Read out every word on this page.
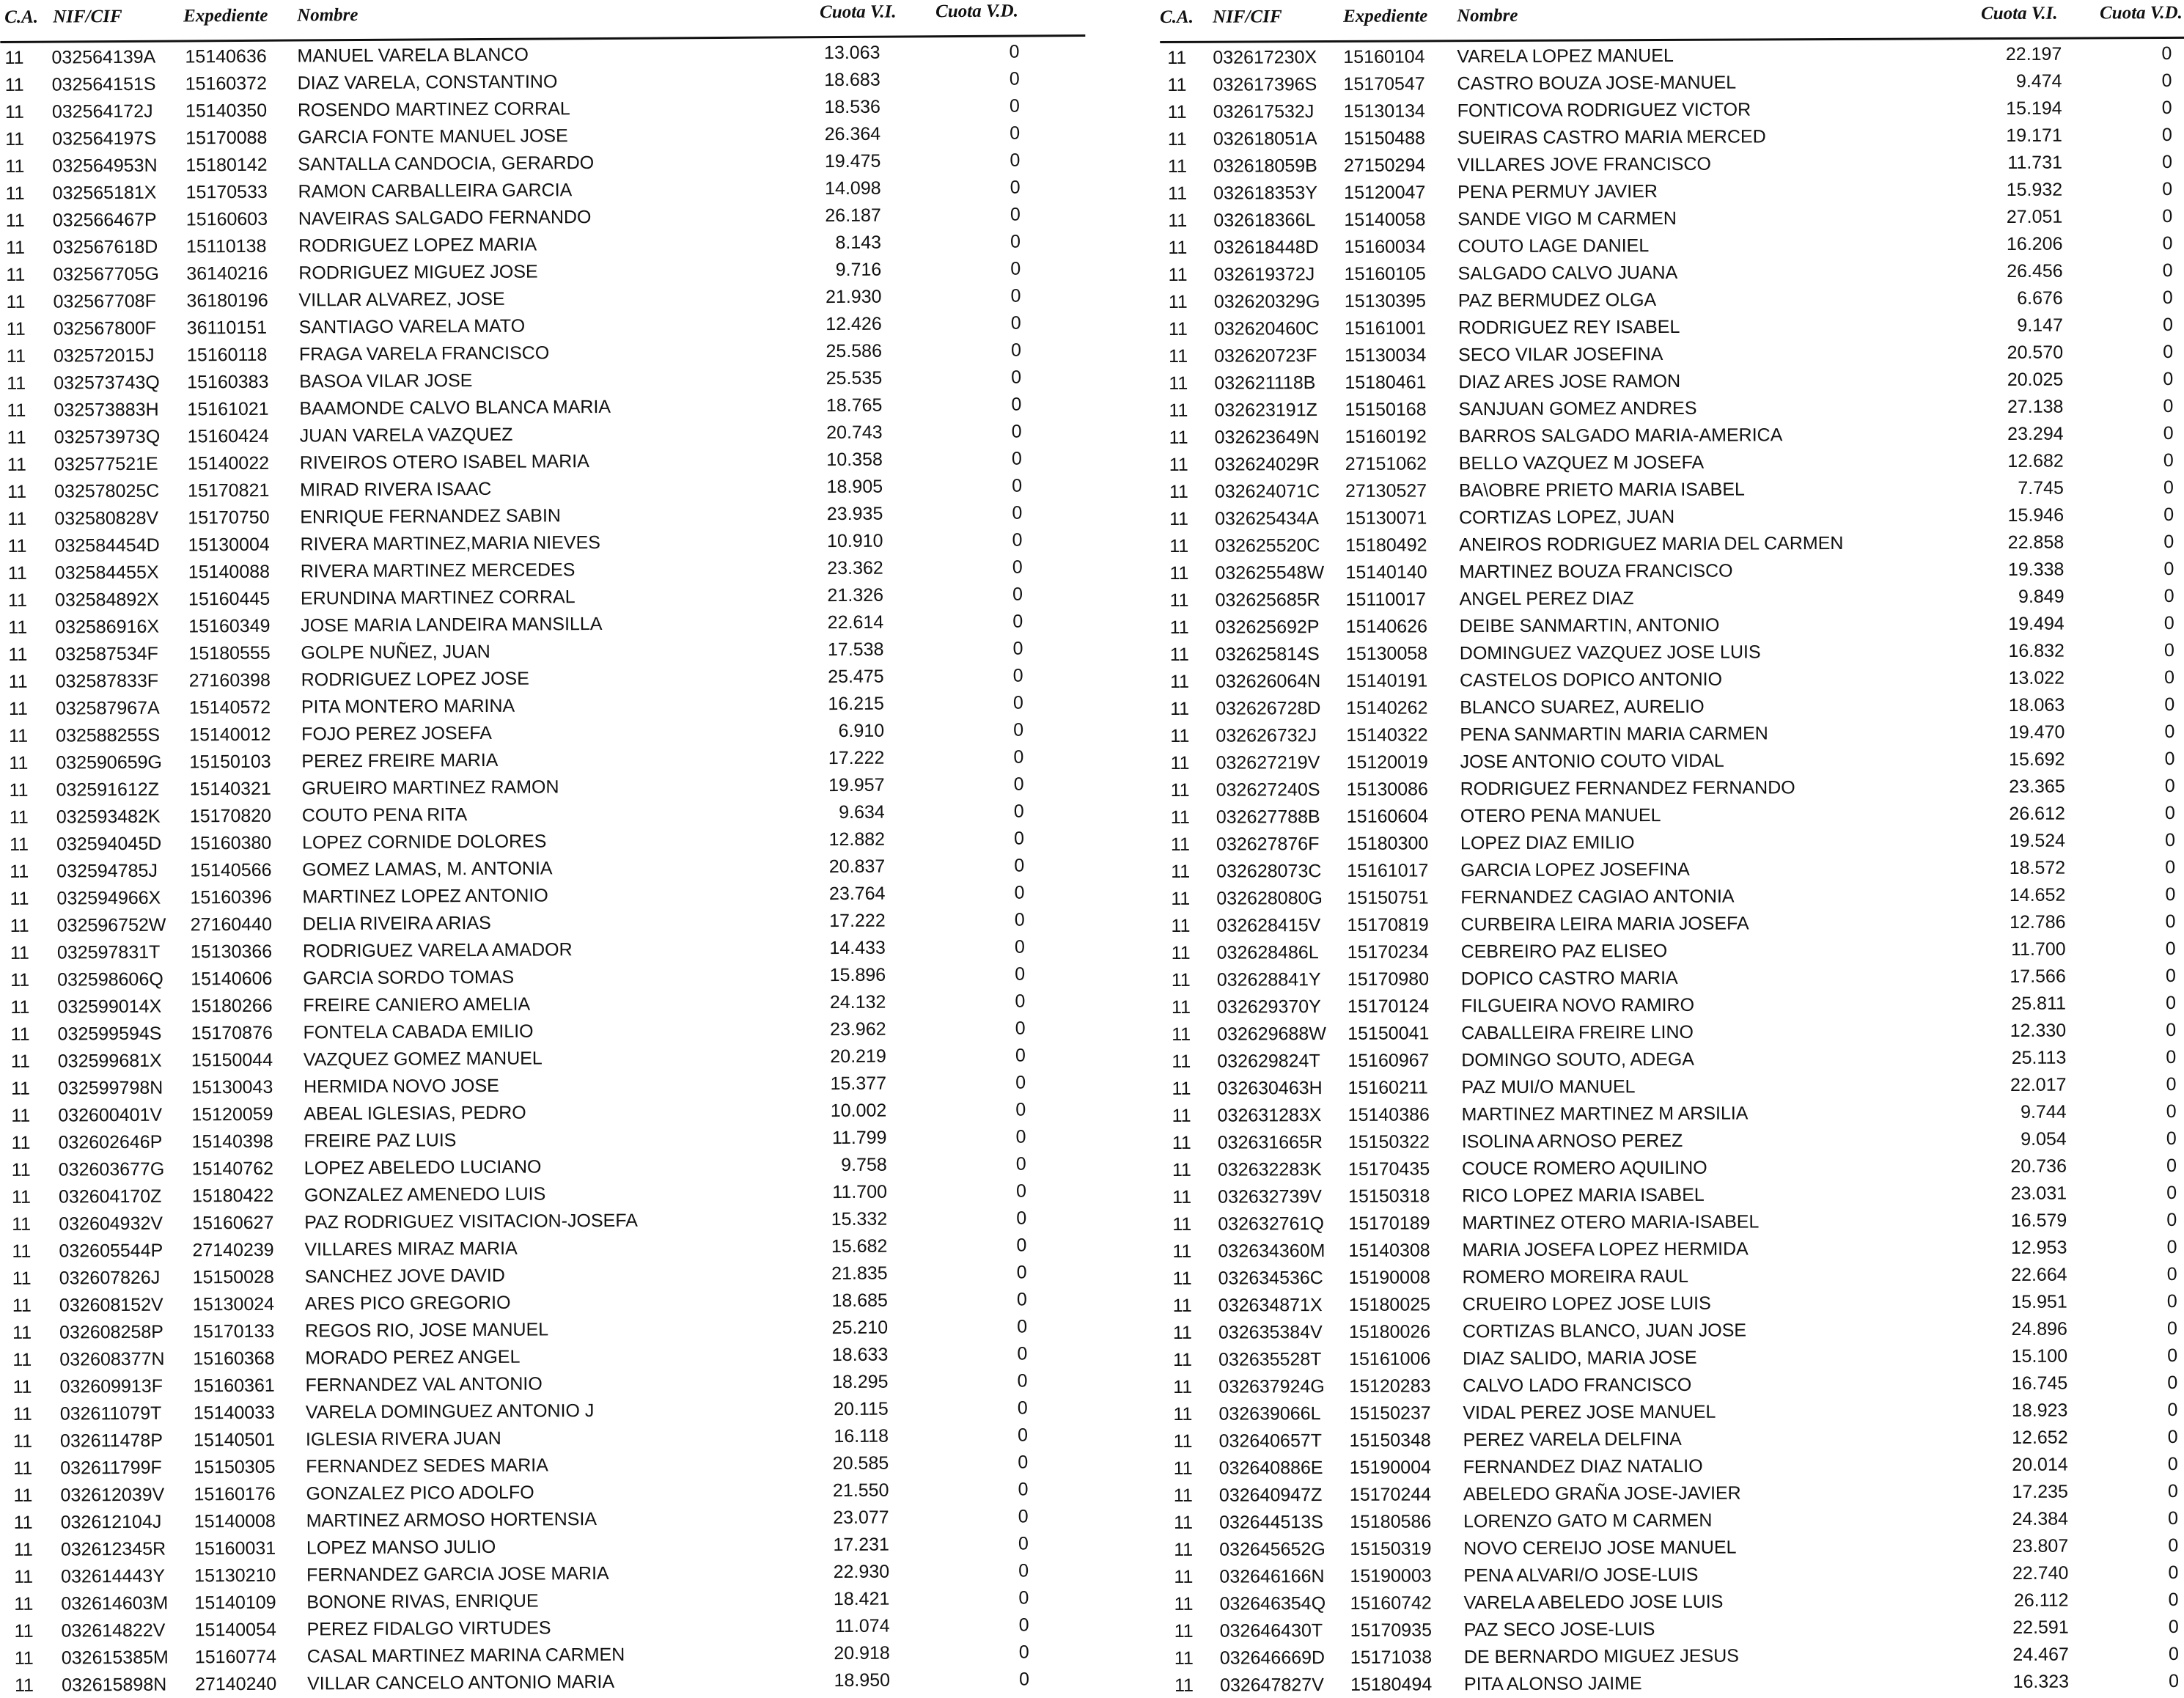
C.A. NIF/CIF	Expediente Nombre	Cuota V.I. Cuota V.D.
11 032564139A 15140636 MANUEL VARELA BLANCO	13.063	0
11 032564151S 15160372 DIAZ VARELA, CONSTANTINO	18.683	0
11 032564172J 15140350 ROSENDO MARTINEZ CORRAL	18.536	0
11 032564197S 15170088 GARCIA FONTE MANUEL JOSE	26.364	0
11 032564953N 15180142 SANTALLA CANDOCIA, GERARDO	19.475	0
11 032565181X 15170533 RAMON CARBALLEIRA GARCIA	14.098	0
11 032566467P 15160603 NAVEIRAS SALGADO FERNANDO	26.187	0
11 032567618D 15110138 RODRIGUEZ LOPEZ MARIA	8.143	0
11 032567705G 36140216 RODRIGUEZ MIGUEZ JOSE	9.716	0
11 032567708F 36180196 VILLAR ALVAREZ, JOSE	21.930	0
11 032567800F 36110151 SANTIAGO VARELA MATO	12.426	0
11 032572015J 15160118 FRAGA VARELA FRANCISCO	25.586	0
11 032573743Q 15160383 BASOA VILAR JOSE	25.535	0
11 032573883H 15161021 BAAMONDE CALVO BLANCA MARIA	18.765	0
11 032573973Q 15160424 JUAN VARELA VAZQUEZ	20.743	0
11 032577521E 15140022 RIVEIROS OTERO ISABEL MARIA	10.358	0
11 032578025C 15170821 MIRAD RIVERA ISAAC	18.905	0
11 032580828V 15170750 ENRIQUE FERNANDEZ SABIN	23.935	0
11 032584454D 15130004 RIVERA MARTINEZ,MARIA NIEVES	10.910	0
11 032584455X 15140088 RIVERA MARTINEZ MERCEDES	23.362	0
11 032584892X 15160445 ERUNDINA MARTINEZ CORRAL	21.326	0
11 032586916X 15160349 JOSE MARIA LANDEIRA MANSILLA	22.614	0
11 032587534F 15180555 GOLPE NUÑEZ, JUAN	17.538	0
11 032587833F 27160398 RODRIGUEZ LOPEZ JOSE	25.475	0
11 032587967A 15140572 PITA MONTERO MARINA	16.215	0
11 032588255S 15140012 FOJO PEREZ JOSEFA	6.910	0
11 032590659G 15150103 PEREZ FREIRE MARIA	17.222	0
11 032591612Z 15140321 GRUEIRO MARTINEZ RAMON	19.957	0
11 032593482K 15170820 COUTO PENA RITA	9.634	0
11 032594045D 15160380 LOPEZ CORNIDE DOLORES	12.882	0
11 032594785J 15140566 GOMEZ LAMAS, M. ANTONIA	20.837	0
11 032594966X 15160396 MARTINEZ LOPEZ ANTONIO	23.764	0
11 032596752W 27160440 DELIA RIVEIRA ARIAS	17.222	0
11 032597831T 15130366 RODRIGUEZ VARELA AMADOR	14.433	0
11 032598606Q 15140606 GARCIA SORDO TOMAS	15.896	0
11 032599014X 15180266 FREIRE CANIERO AMELIA	24.132	0
11 032599594S 15170876 FONTELA CABADA EMILIO	23.962	0
11 032599681X 15150044 VAZQUEZ GOMEZ MANUEL	20.219	0
11 032599798N 15130043 HERMIDA NOVO JOSE	15.377	0
11 032600401V 15120059 ABEAL IGLESIAS, PEDRO	10.002	0
11 032602646P 15140398 FREIRE PAZ LUIS	11.799	0
11 032603677G 15140762 LOPEZ ABELEDO LUCIANO	9.758	0
11 032604170Z 15180422 GONZALEZ AMENEDO LUIS	11.700	0
11 032604932V 15160627 PAZ RODRIGUEZ VISITACION-JOSEFA	15.332	0
11 032605544P 27140239 VILLARES MIRAZ MARIA	15.682	0
11 032607826J 15150028 SANCHEZ JOVE DAVID	21.835	0
11 032608152V 15130024 ARES PICO GREGORIO	18.685	0
11 032608258P 15170133 REGOS RIO, JOSE MANUEL	25.210	0
11 032608377N 15160368 MORADO PEREZ ANGEL	18.633	0
11 032609913F 15160361 FERNANDEZ VAL ANTONIO	18.295	0
11 032611079T 15140033 VARELA DOMINGUEZ ANTONIO J	20.115	0
11 032611478P 15140501 IGLESIA RIVERA JUAN	16.118	0
11 032611799F 15150305 FERNANDEZ SEDES MARIA	20.585	0
11 032612039V 15160176 GONZALEZ PICO ADOLFO	21.550	0
11 032612104J 15140008 MARTINEZ ARMOSO HORTENSIA	23.077	0
11 032612345R 15160031 LOPEZ MANSO JULIO	17.231	0
11 032614443Y 15130210 FERNANDEZ GARCIA JOSE MARIA	22.930	0
11 032614603M 15140109 BONONE RIVAS, ENRIQUE	18.421	0
11 032614822V 15140054 PEREZ FIDALGO VIRTUDES	11.074	0
11 032615385M 15160774 CASAL MARTINEZ MARINA CARMEN	20.918	0
11 032615898N 27140240 VILLAR CANCELO ANTONIO MARIA	18.950	0
C.A. NIF/CIF	Expediente Nombre	Cuota V.I. Cuota V.D.
11 032617230X 15160104 VARELA LOPEZ MANUEL	22.197	0
11 032617396S 15170547 CASTRO BOUZA JOSE-MANUEL	9.474	0
11 032617532J 15130134 FONTICOVA RODRIGUEZ VICTOR	15.194	0
11 032618051A 15150488 SUEIRAS CASTRO MARIA MERCED	19.171	0
11 032618059B 27150294 VILLARES JOVE FRANCISCO	11.731	0
11 032618353Y 15120047 PENA PERMUY JAVIER	15.932	0
11 032618366L 15140058 SANDE VIGO M CARMEN	27.051	0
11 032618448D 15160034 COUTO LAGE DANIEL	16.206	0
11 032619372J 15160105 SALGADO CALVO JUANA	26.456	0
11 032620329G 15130395 PAZ BERMUDEZ OLGA	6.676	0
11 032620460C 15161001 RODRIGUEZ REY ISABEL	9.147	0
11 032620723F 15130034 SECO VILAR JOSEFINA	20.570	0
11 032621118B 15180461 DIAZ ARES JOSE RAMON	20.025	0
11 032623191Z 15150168 SANJUAN GOMEZ ANDRES	27.138	0
11 032623649N 15160192 BARROS SALGADO MARIA-AMERICA	23.294	0
11 032624029R 27151062 BELLO VAZQUEZ M JOSEFA	12.682	0
11 032624071C 27130527 BA\OBRE PRIETO MARIA ISABEL	7.745	0
11 032625434A 15130071 CORTIZAS LOPEZ, JUAN	15.946	0
11 032625520C 15180492 ANEIROS RODRIGUEZ MARIA DEL CARMEN	22.858	0
11 032625548W 15140140 MARTINEZ BOUZA FRANCISCO	19.338	0
11 032625685R 15110017 ANGEL PEREZ DIAZ	9.849	0
11 032625692P 15140626 DEIBE SANMARTIN, ANTONIO	19.494	0
11 032625814S 15130058 DOMINGUEZ VAZQUEZ JOSE LUIS	16.832	0
11 032626064N 15140191 CASTELOS DOPICO ANTONIO	13.022	0
11 032626728D 15140262 BLANCO SUAREZ, AURELIO	18.063	0
11 032626732J 15140322 PENA SANMARTIN MARIA CARMEN	19.470	0
11 032627219V 15120019 JOSE ANTONIO COUTO VIDAL	15.692	0
11 032627240S 15130086 RODRIGUEZ FERNANDEZ FERNANDO	23.365	0
11 032627788B 15160604 OTERO PENA MANUEL	26.612	0
11 032627876F 15180300 LOPEZ DIAZ EMILIO	19.524	0
11 032628073C 15161017 GARCIA LOPEZ JOSEFINA	18.572	0
11 032628080G 15150751 FERNANDEZ CAGIAO ANTONIA	14.652	0
11 032628415V 15170819 CURBEIRA LEIRA MARIA JOSEFA	12.786	0
11 032628486L 15170234 CEBREIRO PAZ ELISEO	11.700	0
11 032628841Y 15170980 DOPICO CASTRO MARIA	17.566	0
11 032629370Y 15170124 FILGUEIRA NOVO RAMIRO	25.811	0
11 032629688W 15150041 CABALLEIRA FREIRE LINO	12.330	0
11 032629824T 15160967 DOMINGO SOUTO, ADEGA	25.113	0
11 032630463H 15160211 PAZ MUI/O MANUEL	22.017	0
11 032631283X 15140386 MARTINEZ MARTINEZ M ARSILIA	9.744	0
11 032631665R 15150322 ISOLINA ARNOSO PEREZ	9.054	0
11 032632283K 15170435 COUCE ROMERO AQUILINO	20.736	0
11 032632739V 15150318 RICO LOPEZ MARIA ISABEL	23.031	0
11 032632761Q 15170189 MARTINEZ OTERO MARIA-ISABEL	16.579	0
11 032634360M 15140308 MARIA JOSEFA LOPEZ HERMIDA	12.953	0
11 032634536C 15190008 ROMERO MOREIRA RAUL	22.664	0
11 032634871X 15180025 CRUEIRO LOPEZ JOSE LUIS	15.951	0
11 032635384V 15180026 CORTIZAS BLANCO, JUAN JOSE	24.896	0
11 032635528T 15161006 DIAZ SALIDO, MARIA JOSE	15.100	0
11 032637924G 15120283 CALVO LADO FRANCISCO	16.745	0
11 032639066L 15150237 VIDAL PEREZ JOSE MANUEL	18.923	0
11 032640657T 15150348 PEREZ VARELA DELFINA	12.652	0
11 032640886E 15190004 FERNANDEZ DIAZ NATALIO	20.014	0
11 032640947Z 15170244 ABELEDO GRAÑA JOSE-JAVIER	17.235	0
11 032644513S 15180586 LORENZO GATO M CARMEN	24.384	0
11 032645652G 15150319 NOVO CEREIJO JOSE MANUEL	23.807	0
11 032646166N 15190003 PENA ALVARI/O JOSE-LUIS	22.740	0
11 032646354Q 15160742 VARELA ABELEDO JOSE LUIS	26.112	0
11 032646430T 15170935 PAZ SECO JOSE-LUIS	22.591	0
11 032646669D 15171038 DE BERNARDO MIGUEZ JESUS	24.467	0
11 032647827V 15180494 PITA ALONSO JAIME	16.323	0
